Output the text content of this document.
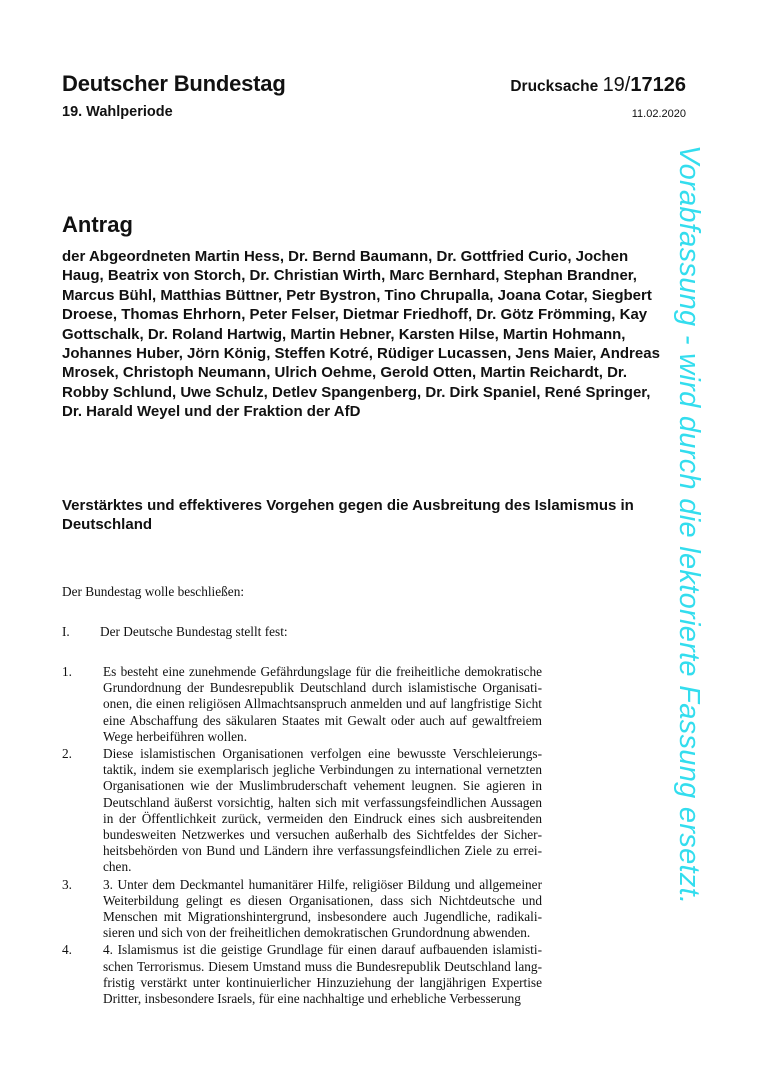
Deutscher Bundestag
19. Wahlperiode
Drucksache 19/17126
11.02.2020
Antrag
der Abgeordneten Martin Hess, Dr. Bernd Baumann, Dr. Gottfried Curio, Jochen Haug, Beatrix von Storch, Dr. Christian Wirth, Marc Bernhard, Stephan Brandner, Marcus Bühl, Matthias Büttner, Petr Bystron, Tino Chrupalla, Joana Cotar, Siegbert Droese, Thomas Ehrhorn, Peter Felser, Dietmar Friedhoff, Dr. Götz Frömming, Kay Gottschalk, Dr. Roland Hartwig, Martin Hebner, Karsten Hilse, Martin Hohmann, Johannes Huber, Jörn König, Steffen Kotré, Rüdiger Lucassen, Jens Maier, Andreas Mrosek, Christoph Neumann, Ulrich Oehme, Gerold Otten, Martin Reichardt, Dr. Robby Schlund, Uwe Schulz, Detlev Spangenberg, Dr. Dirk Spaniel, René Springer, Dr. Harald Weyel und der Fraktion der AfD
Verstärktes und effektiveres Vorgehen gegen die Ausbreitung des Islamismus in Deutschland
Der Bundestag wolle beschließen:
I. Der Deutsche Bundestag stellt fest:
1.	Es besteht eine zunehmende Gefährdungslage für die freiheitliche demokratische Grundordnung der Bundesrepublik Deutschland durch islamistische Organisationen, die einen religiösen Allmachtsanspruch anmelden und auf langfristige Sicht eine Abschaffung des säkularen Staates mit Gewalt oder auch auf gewaltfreiem Wege herbeiführen wollen.
2.	Diese islamistischen Organisationen verfolgen eine bewusste Verschleierungstaktik, indem sie exemplarisch jegliche Verbindungen zu international vernetzten Organisationen wie der Muslimbruderschaft vehement leugnen. Sie agieren in Deutschland äußerst vorsichtig, halten sich mit verfassungsfeindlichen Aussagen in der Öffentlichkeit zurück, vermeiden den Eindruck eines sich ausbreitenden bundesweiten Netzwerkes und versuchen außerhalb des Sichtfeldes der Sicherheitsbehörden von Bund und Ländern ihre verfassungsfeindlichen Ziele zu erreichen.
3.	3. Unter dem Deckmantel humanitärer Hilfe, religiöser Bildung und allgemeiner Weiterbildung gelingt es diesen Organisationen, dass sich Nichtdeutsche und Menschen mit Migrationshintergrund, insbesondere auch Jugendliche, radikalisieren und sich von der freiheitlichen demokratischen Grundordnung abwenden.
4.	4. Islamismus ist die geistige Grundlage für einen darauf aufbauenden islamistischen Terrorismus. Diesem Umstand muss die Bundesrepublik Deutschland langfristig verstärkt unter kontinuierlicher Hinzuziehung der langjährigen Expertise Dritter, insbesondere Israels, für eine nachhaltige und erhebliche Verbesserung
Vorabfassung - wird durch die lektorierte Fassung ersetzt.
